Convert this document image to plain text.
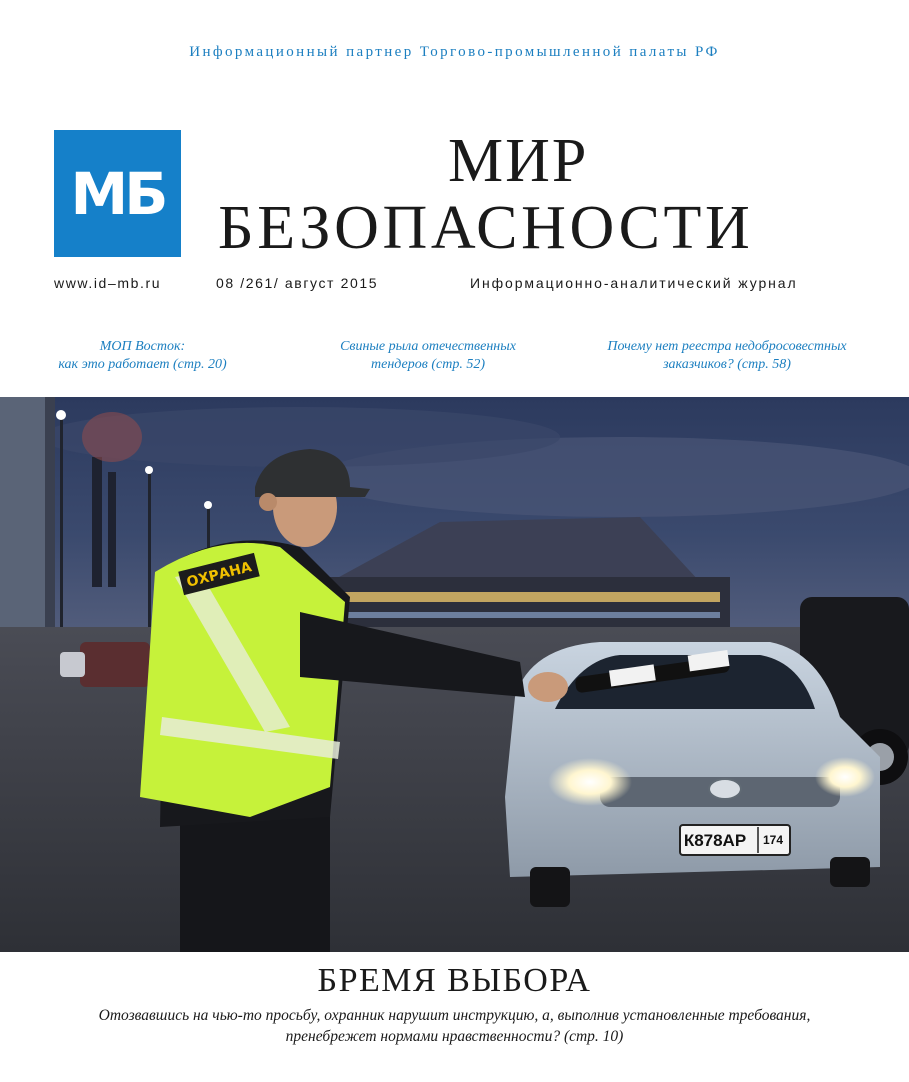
Информационный партнер Торгово-промышленной палаты РФ
МБ	МИР
БЕЗОПАСНОСТИ
www.id–mb.ru	08 /261/ август 2015	Информационно-аналитический журнал
МОП Восток:
как это работает (стр. 20)
Свиные рыла отечественных
тендеров (стр. 52)
Почему нет реестра недобросовестных
заказчиков? (стр. 58)
К878АР 174
ОХРАНА
БРЕМЯ ВЫБОРА
Отозвавшись на чью-то просьбу, охранник нарушит инструкцию, а, выполнив установленные требования,
пренебрежет нормами нравственности? (стр. 10)
